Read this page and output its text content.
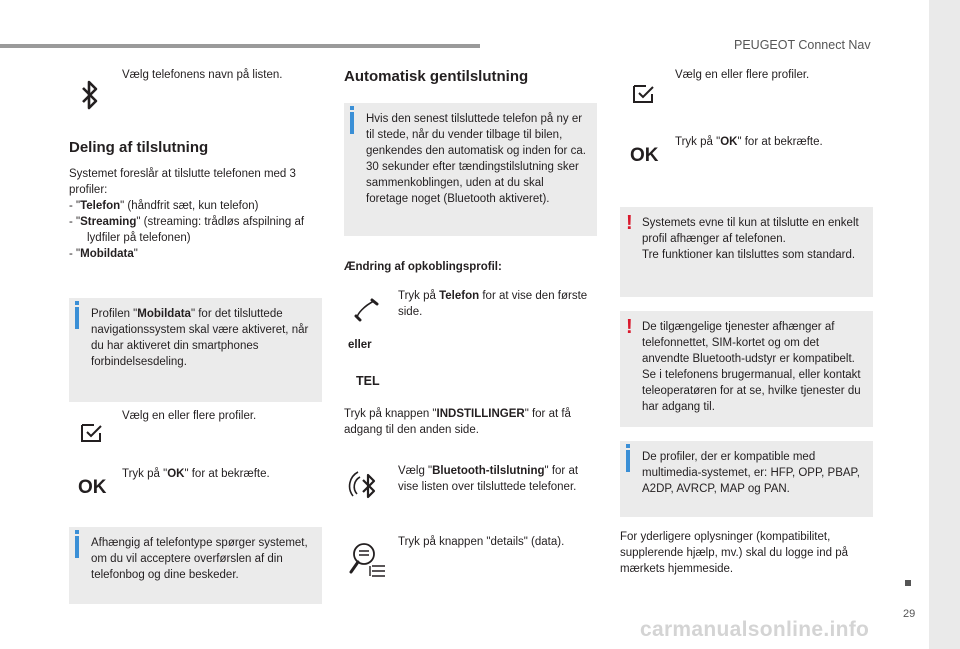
PEUGEOT Connect Nav
29
carmanualsonline.info

Vælg telefonens navn på listen.

Deling af tilslutning

Systemet foreslår at tilslutte telefonen med 3 profiler:

- "Telefon" (håndfrit sæt, kun telefon)

- "Streaming" (streaming: trådløs afspilning af lydfiler på telefonen)

- "Mobildata"

Profilen "Mobildata" for det tilsluttede navigationssystem skal være aktiveret, når du har aktiveret din smartphones forbindelsesdeling.

Vælg en eller flere profiler.

OK

Tryk på "OK" for at bekræfte.

Afhængig af telefontype spørger systemet, om du vil acceptere overførslen af din telefonbog og dine beskeder.

Automatisk gentilslutning

Hvis den senest tilsluttede telefon på ny er til stede, når du vender tilbage til bilen, genkendes den automatisk og inden for ca. 30 sekunder efter tændingstilslutning sker sammenkoblingen, uden at du skal foretage noget (Bluetooth aktiveret).

Ændring af opkoblingsprofil:

Tryk på Telefon for at vise den første side.

eller

TEL

Tryk på knappen "INDSTILLINGER" for at få adgang til den anden side.

Vælg "Bluetooth-tilslutning" for at vise listen over tilsluttede telefoner.

Tryk på knappen "details" (data).

Vælg en eller flere profiler.

OK

Tryk på "OK" for at bekræfte.

! Systemets evne til kun at tilslutte en enkelt profil afhænger af telefonen.
Tre funktioner kan tilsluttes som standard.

! De tilgængelige tjenester afhænger af telefonnettet, SIM-kortet og om det anvendte Bluetooth-udstyr er kompatibelt. Se i telefonens brugermanual, eller kontakt teleoperatøren for at se, hvilke tjenester du har adgang til.

De profiler, der er kompatible med multimedia-systemet, er: HFP, OPP, PBAP, A2DP, AVRCP, MAP og PAN.

For yderligere oplysninger (kompatibilitet, supplerende hjælp, mv.) skal du logge ind på mærkets hjemmeside.
